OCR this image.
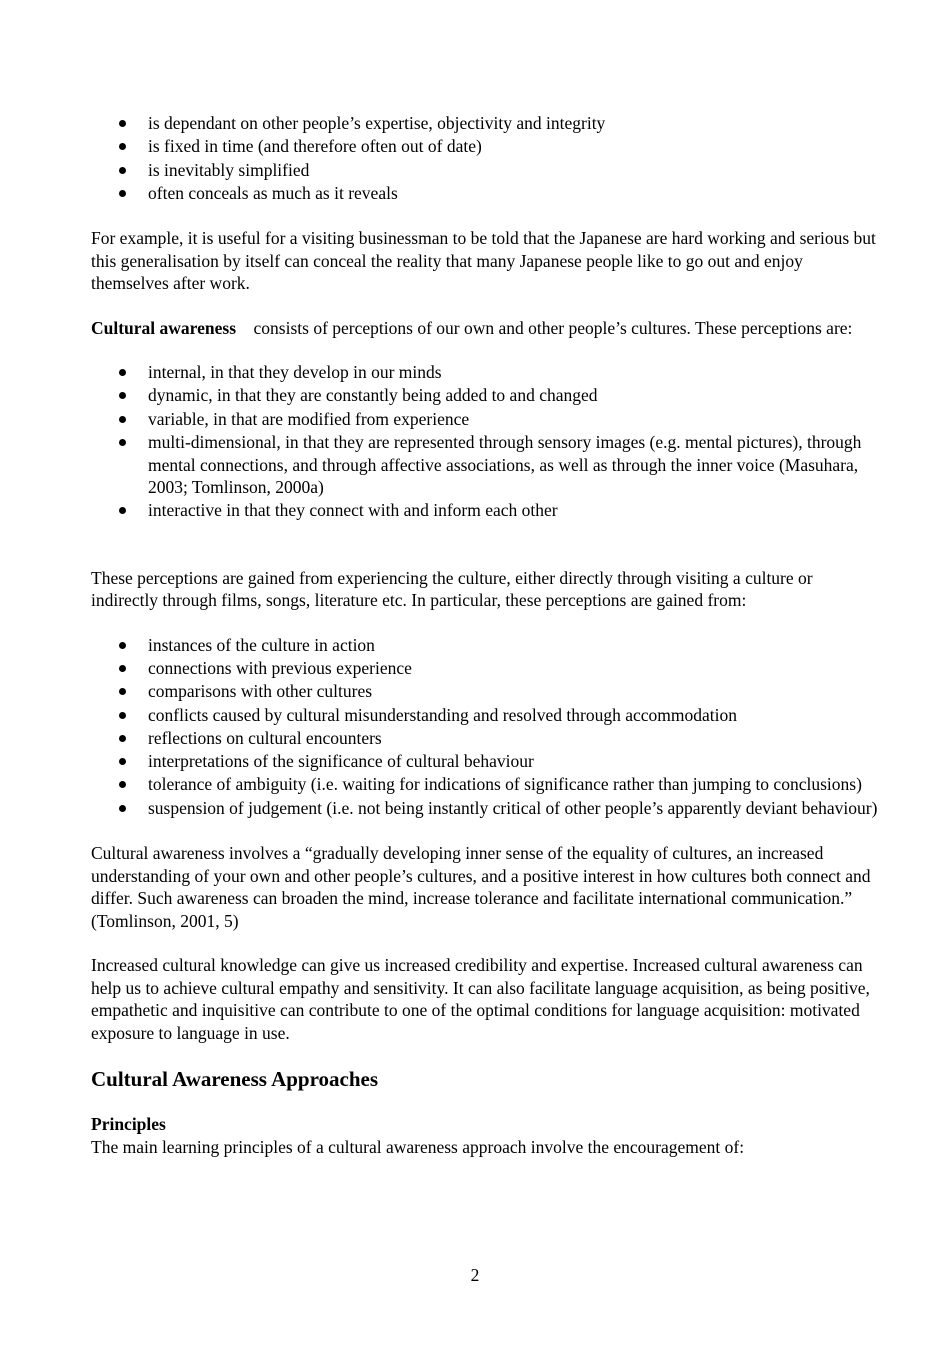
is dependant on other people’s expertise, objectivity and integrity
is fixed in time (and therefore often out of date)
is inevitably simplified
often conceals as much as it reveals

For example, it is useful for a visiting businessman to be told that the Japanese are hard working and serious but this generalisation by itself can conceal the reality that many Japanese people like to go out and enjoy themselves after work.

Cultural awareness consists of perceptions of our own and other people’s cultures. These perceptions are:

internal, in that they develop in our minds
dynamic, in that they are constantly being added to and changed
variable, in that are modified from experience
multi-dimensional, in that they are represented through sensory images (e.g. mental pictures), through mental connections, and through affective associations, as well as through the inner voice (Masuhara, 2003; Tomlinson, 2000a)
interactive in that they connect with and inform each other

These perceptions are gained from experiencing the culture, either directly through visiting a culture or indirectly through films, songs, literature etc. In particular, these perceptions are gained from:

instances of the culture in action
connections with previous experience
comparisons with other cultures
conflicts caused by cultural misunderstanding and resolved through accommodation
reflections on cultural encounters
interpretations of the significance of cultural behaviour
tolerance of ambiguity (i.e. waiting for indications of significance rather than jumping to conclusions)
suspension of judgement (i.e. not being instantly critical of other people’s apparently deviant behaviour)

Cultural awareness involves a “gradually developing inner sense of the equality of cultures, an increased understanding of your own and other people’s cultures, and a positive interest in how cultures both connect and differ. Such awareness can broaden the mind, increase tolerance and facilitate international communication.” (Tomlinson, 2001, 5)

Increased cultural knowledge can give us increased credibility and expertise. Increased cultural awareness can help us to achieve cultural empathy and sensitivity. It can also facilitate language acquisition, as being positive, empathetic and inquisitive can contribute to one of the optimal conditions for language acquisition: motivated exposure to language in use.

Cultural Awareness Approaches
Principles

The main learning principles of a cultural awareness approach involve the encouragement of:

2
